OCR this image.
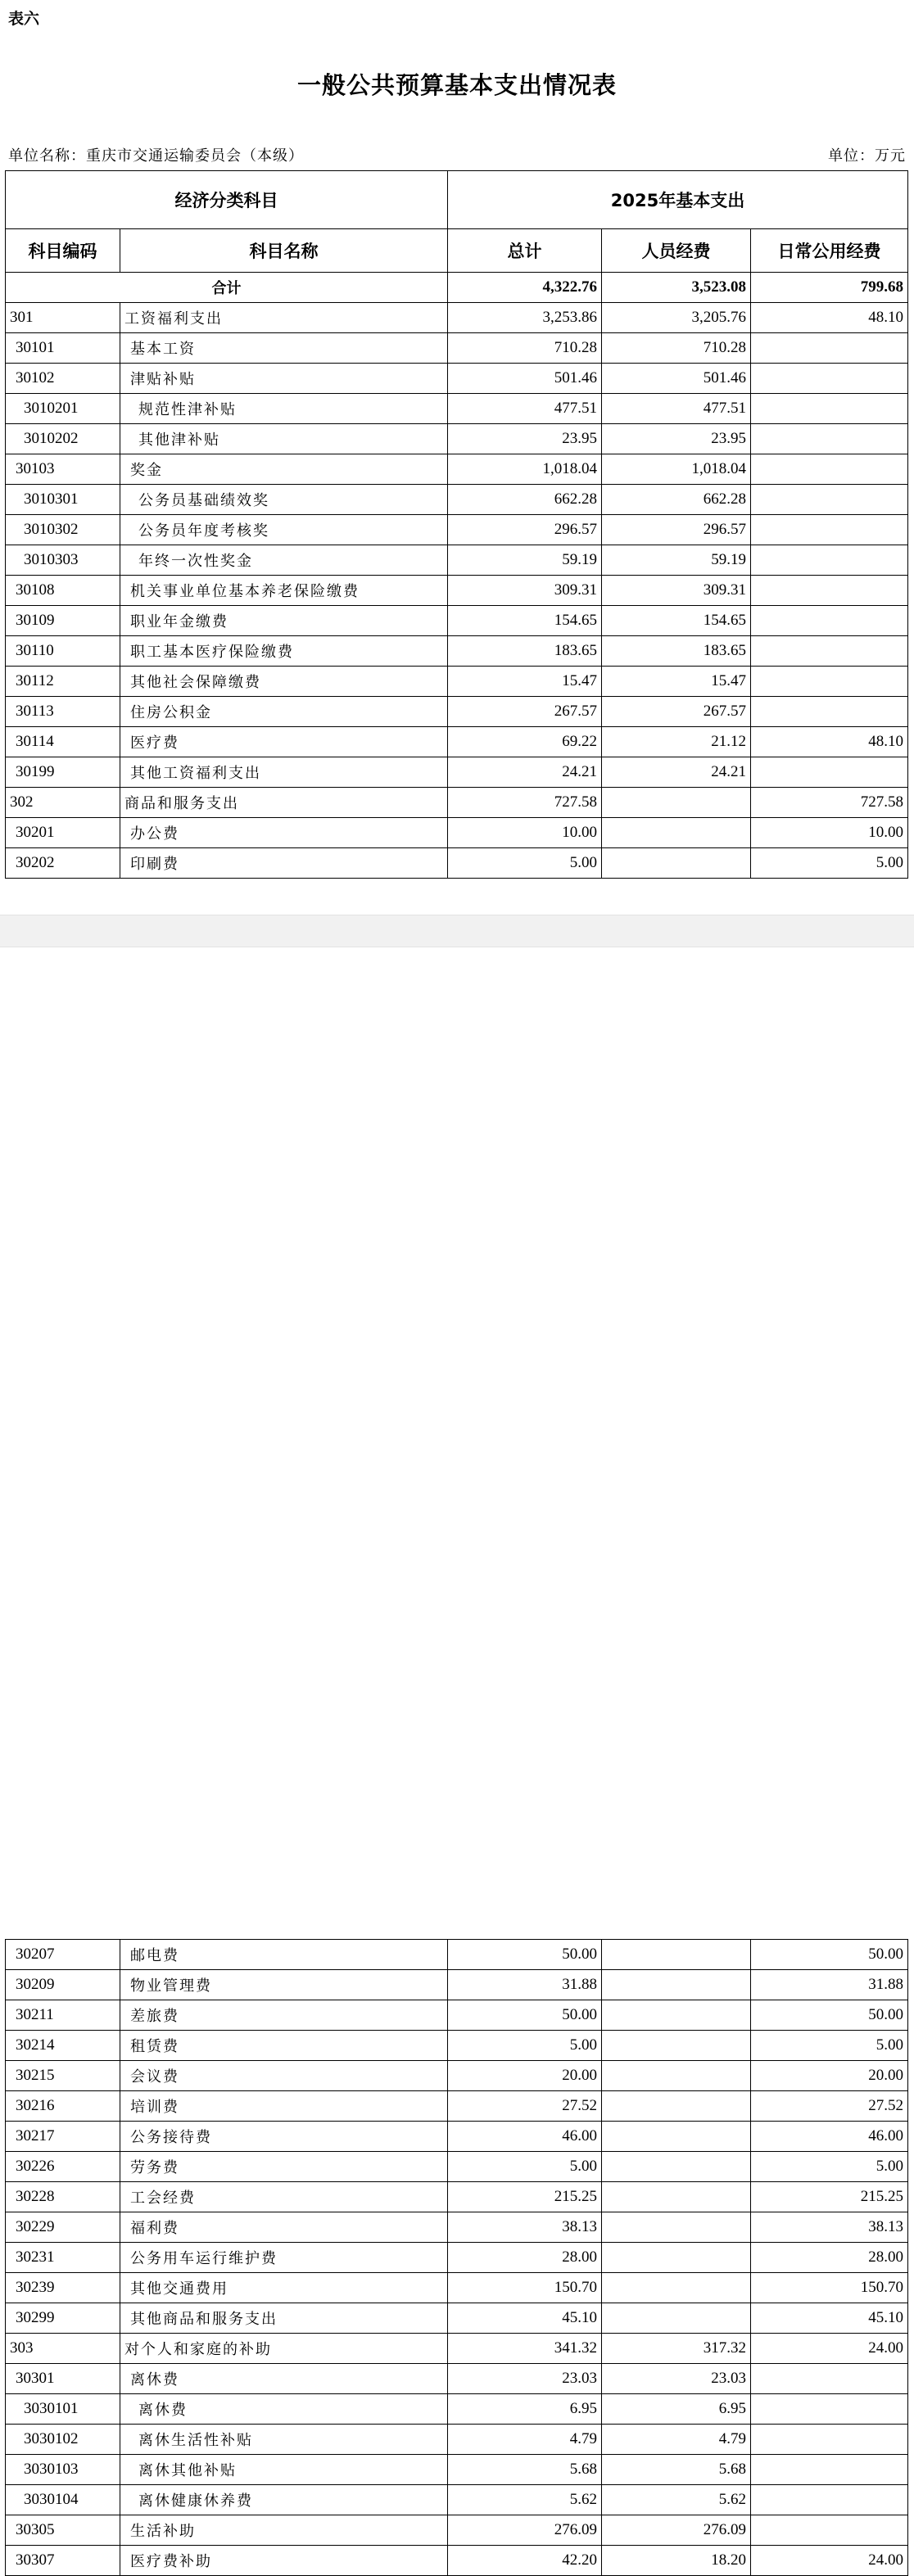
表六
一般公共预算基本支出情况表
单位名称：重庆市交通运输委员会（本级）	单位：万元
经济分类科目		2025年基本支出		
科目编码	科目名称	总计	人员经费	日常公用经费
合计		4,322.76	3,523.08	799.68
301	工资福利支出	3,253.86	3,205.76	48.10
30101	基本工资	710.28	710.28	
30102	津贴补贴	501.46	501.46	
3010201	规范性津补贴	477.51	477.51	
3010202	其他津补贴	23.95	23.95	
30103	奖金	1,018.04	1,018.04	
3010301	公务员基础绩效奖	662.28	662.28	
3010302	公务员年度考核奖	296.57	296.57	
3010303	年终一次性奖金	59.19	59.19	
30108	机关事业单位基本养老保险缴费	309.31	309.31	
30109	职业年金缴费	154.65	154.65	
30110	职工基本医疗保险缴费	183.65	183.65	
30112	其他社会保障缴费	15.47	15.47	
30113	住房公积金	267.57	267.57	
30114	医疗费	69.22	21.12	48.10
30199	其他工资福利支出	24.21	24.21	
302	商品和服务支出	727.58		727.58
30201	办公费	10.00		10.00
30202	印刷费	5.00		5.00
30207	邮电费	50.00		50.00
30209	物业管理费	31.88		31.88
30211	差旅费	50.00		50.00
30214	租赁费	5.00		5.00
30215	会议费	20.00		20.00
30216	培训费	27.52		27.52
30217	公务接待费	46.00		46.00
30226	劳务费	5.00		5.00
30228	工会经费	215.25		215.25
30229	福利费	38.13		38.13
30231	公务用车运行维护费	28.00		28.00
30239	其他交通费用	150.70		150.70
30299	其他商品和服务支出	45.10		45.10
303	对个人和家庭的补助	341.32	317.32	24.00
30301	离休费	23.03	23.03	
3030101	离休费	6.95	6.95	
3030102	离休生活性补贴	4.79	4.79	
3030103	离休其他补贴	5.68	5.68	
3030104	离休健康休养费	5.62	5.62	
30305	生活补助	276.09	276.09	
30307	医疗费补助	42.20	18.20	24.00
